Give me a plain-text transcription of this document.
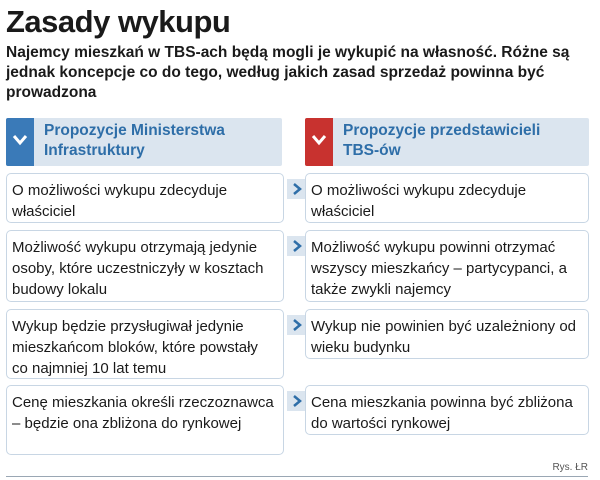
Zasady wykupu
Najemcy mieszkań w TBS-ach będą mogli je wykupić na własność. Różne są jednak koncepcje co do tego, według jakich zasad sprzedaż powinna być prowadzona
Propozycje Ministerstwa Infrastruktury
Propozycje przedstawicieli TBS-ów
O możliwości wykupu zdecyduje właściciel
O możliwości wykupu zdecyduje właściciel
Możliwość wykupu otrzymają jedynie osoby, które uczestniczyły w kosztach budowy lokalu
Możliwość wykupu powinni otrzymać wszyscy mieszkańcy – partycypanci, a także zwykli najemcy
Wykup będzie przysługiwał jedynie mieszkańcom bloków, które powstały co najmniej 10 lat temu
Wykup nie powinien być uzależniony od wieku budynku
Cenę mieszkania określi rzeczoznawca – będzie ona zbliżona do rynkowej
Cena mieszkania powinna być zbliżona do wartości rynkowej
Rys. ŁR
